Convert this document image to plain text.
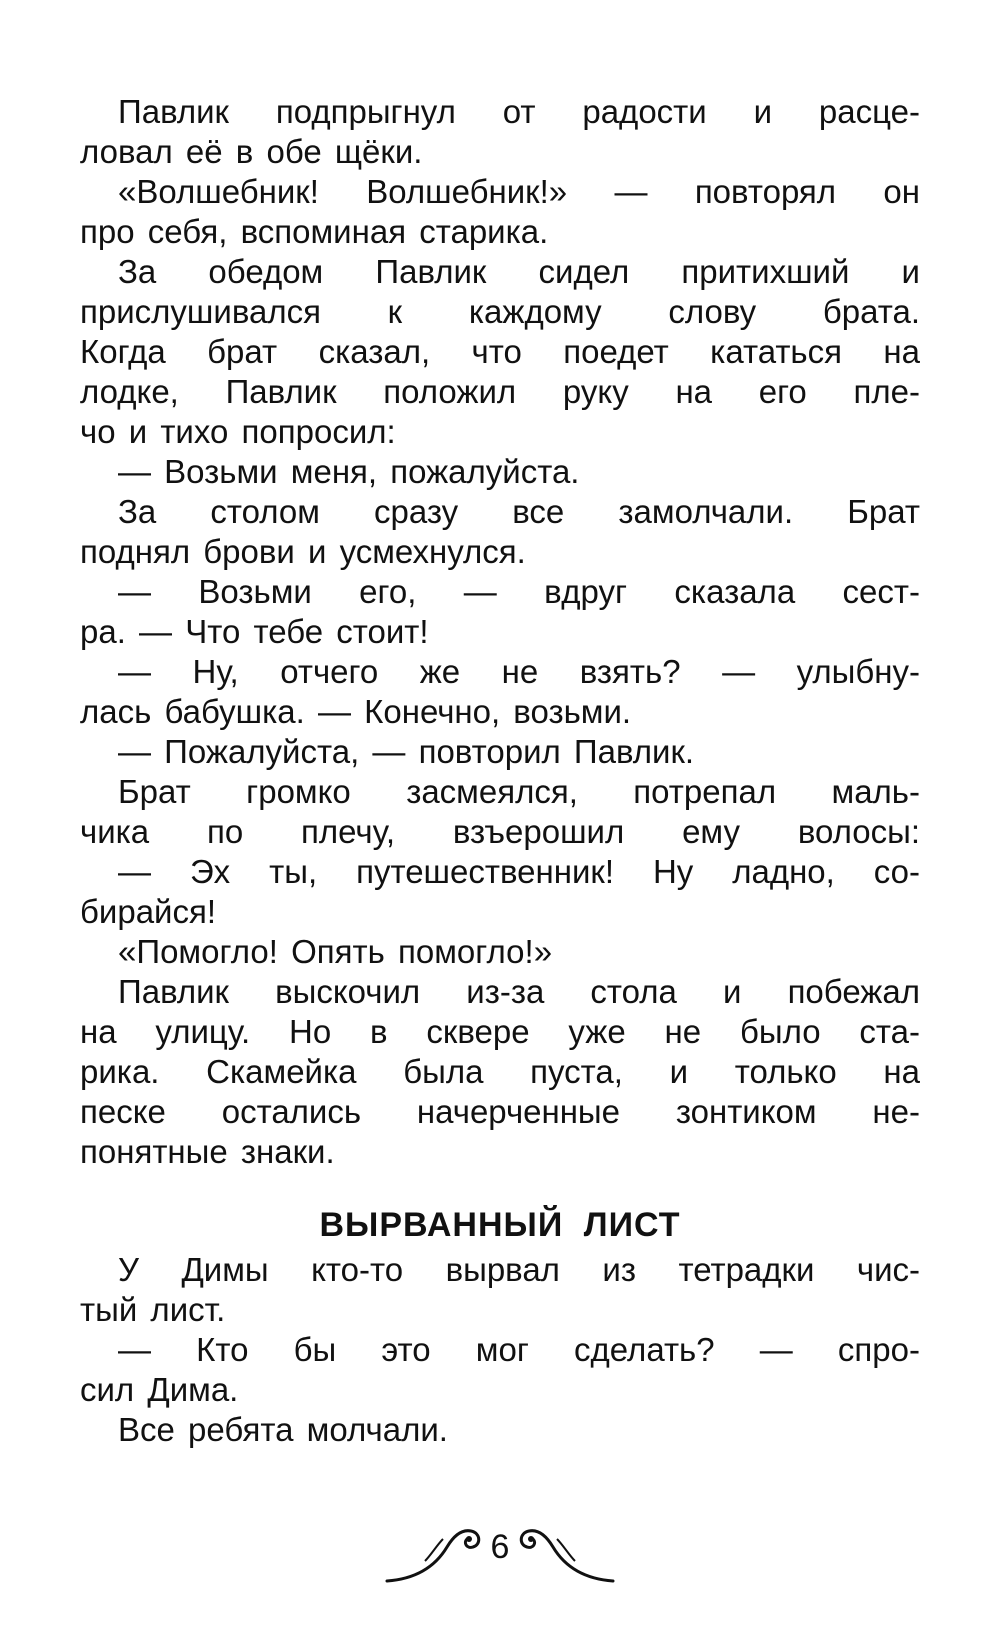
Павлик подпрыгнул от радости и расце-
ловал её в обе щёки.
«Волшебник! Волшебник!» — повторял он
про себя, вспоминая старика.
За обедом Павлик сидел притихший и
прислушивался к каждому слову брата.
Когда брат сказал, что поедет кататься на
лодке, Павлик положил руку на его пле-
чо и тихо попросил:
— Возьми меня, пожалуйста.
За столом сразу все замолчали. Брат
поднял брови и усмехнулся.
— Возьми его, — вдруг сказала сест-
ра. — Что тебе стоит!
— Ну, отчего же не взять? — улыбну-
лась бабушка. — Конечно, возьми.
— Пожалуйста, — повторил Павлик.
Брат громко засмеялся, потрепал маль-
чика по плечу, взъерошил ему волосы:
— Эх ты, путешественник! Ну ладно, со-
бирайся!
«Помогло! Опять помогло!»
Павлик выскочил из-за стола и побежал
на улицу. Но в сквере уже не было ста-
рика. Скамейка была пуста, и только на
песке остались начерченные зонтиком не-
понятные знаки.
ВЫРВАННЫЙ ЛИСТ
У Димы кто-то вырвал из тетрадки чис-
тый лист.
— Кто бы это мог сделать? — спро-
сил Дима.
Все ребята молчали.
6
